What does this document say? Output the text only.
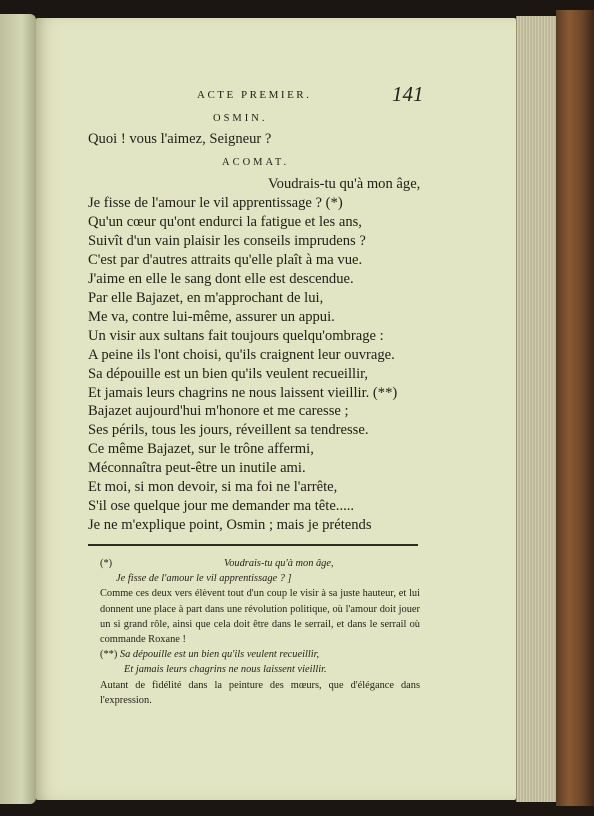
ACTE PREMIER.	141
OSMIN.
Quoi ! vous l'aimez, Seigneur ?
ACOMAT.
Voudrais-tu qu'à mon âge,
Je fisse de l'amour le vil apprentissage ? (*)
Qu'un cœur qu'ont endurci la fatigue et les ans,
Suivît d'un vain plaisir les conseils imprudens ?
C'est par d'autres attraits qu'elle plaît à ma vue.
J'aime en elle le sang dont elle est descendue.
Par elle Bajazet, en m'approchant de lui,
Me va, contre lui-même, assurer un appui.
Un visir aux sultans fait toujours quelqu'ombrage :
A peine ils l'ont choisi, qu'ils craignent leur ouvrage.
Sa dépouille est un bien qu'ils veulent recueillir,
Et jamais leurs chagrins ne nous laissent vieillir. (**)
Bajazet aujourd'hui m'honore et me caresse ;
Ses périls, tous les jours, réveillent sa tendresse.
Ce même Bajazet, sur le trône affermi,
Méconnaîtra peut-être un inutile ami.
Et moi, si mon devoir, si ma foi ne l'arrête,
S'il ose quelque jour me demander ma tête.....
Je ne m'explique point, Osmin ; mais je prétends
(*)	Voudrais-tu qu'à mon âge,
Je fisse de l'amour le vil apprentissage ? ]
Comme ces deux vers élèvent tout d'un coup le visir à sa juste hauteur, et lui donnent une place à part dans une révolution politique, où l'amour doit jouer un si grand rôle, ainsi que cela doit être dans le serrail, et dans le serrail où commande Roxane !
(**) Sa dépouille est un bien qu'ils veulent recueillir,
Et jamais leurs chagrins ne nous laissent vieillir.
Autant de fidélité dans la peinture des mœurs, que d'élégance dans l'expression.
